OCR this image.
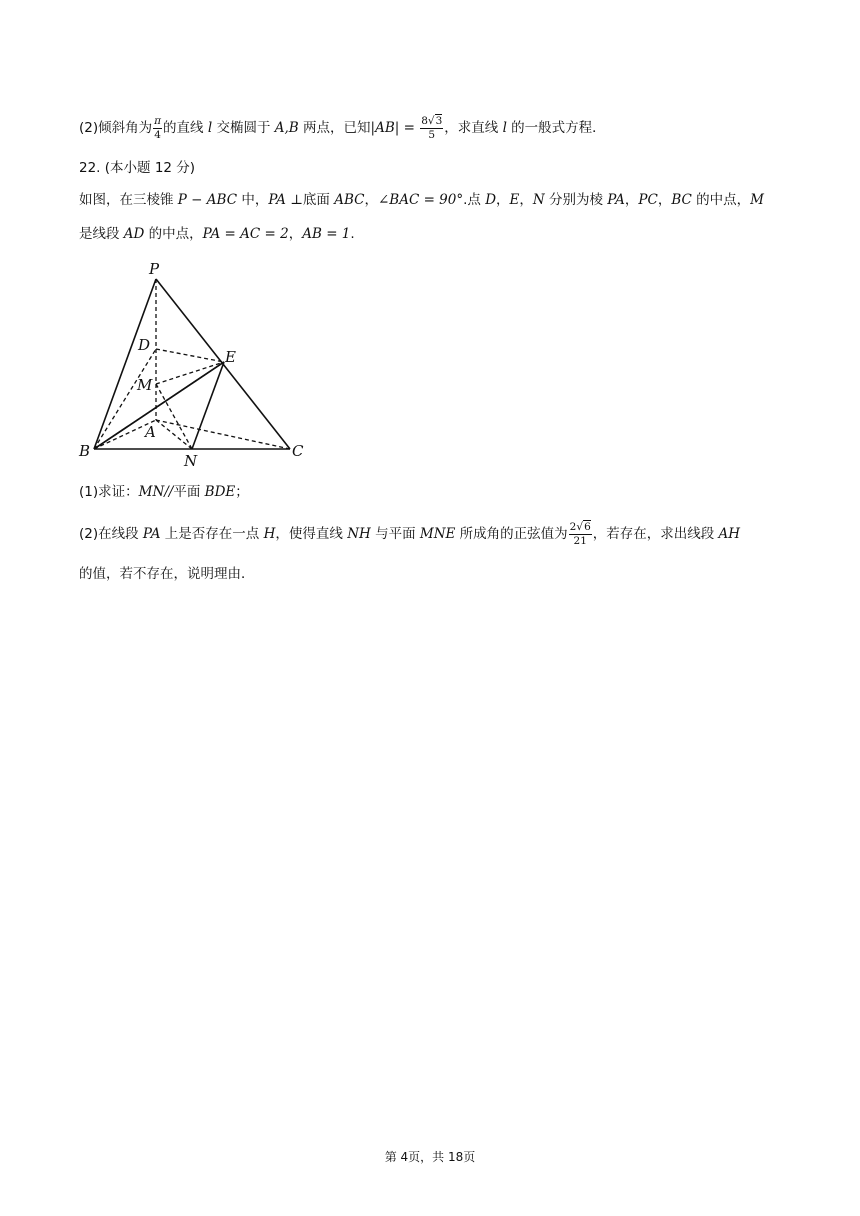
(2)倾斜角为 $\frac{\pi}{4}$ 的直线 l 交椭圆于 A,B 两点，已知$|AB| = \frac{8√3}{5}$ ，求直线 l 的一般式方程．
22. (本小题 12 分)
如图，在三棱锥 P − ABC 中，PA ⊥底面 ABC，∠BAC = 90°.点 D，E，N 分别为棱 PA，PC，BC 的中点，M
是线段 AD 的中点，PA = AC = 2，AB = 1.
P
D
E
M
A
B
N
C
(1)求证：MN//平面 BDE；
(2)在线段 PA 上是否存在一点 H，使得直线 NH 与平面 MNE 所成角的正弦值为 $\frac{2√6}{21}$ ，若存在，求出线段 AH
的值，若不存在，说明理由．
第 4页，共 18页
